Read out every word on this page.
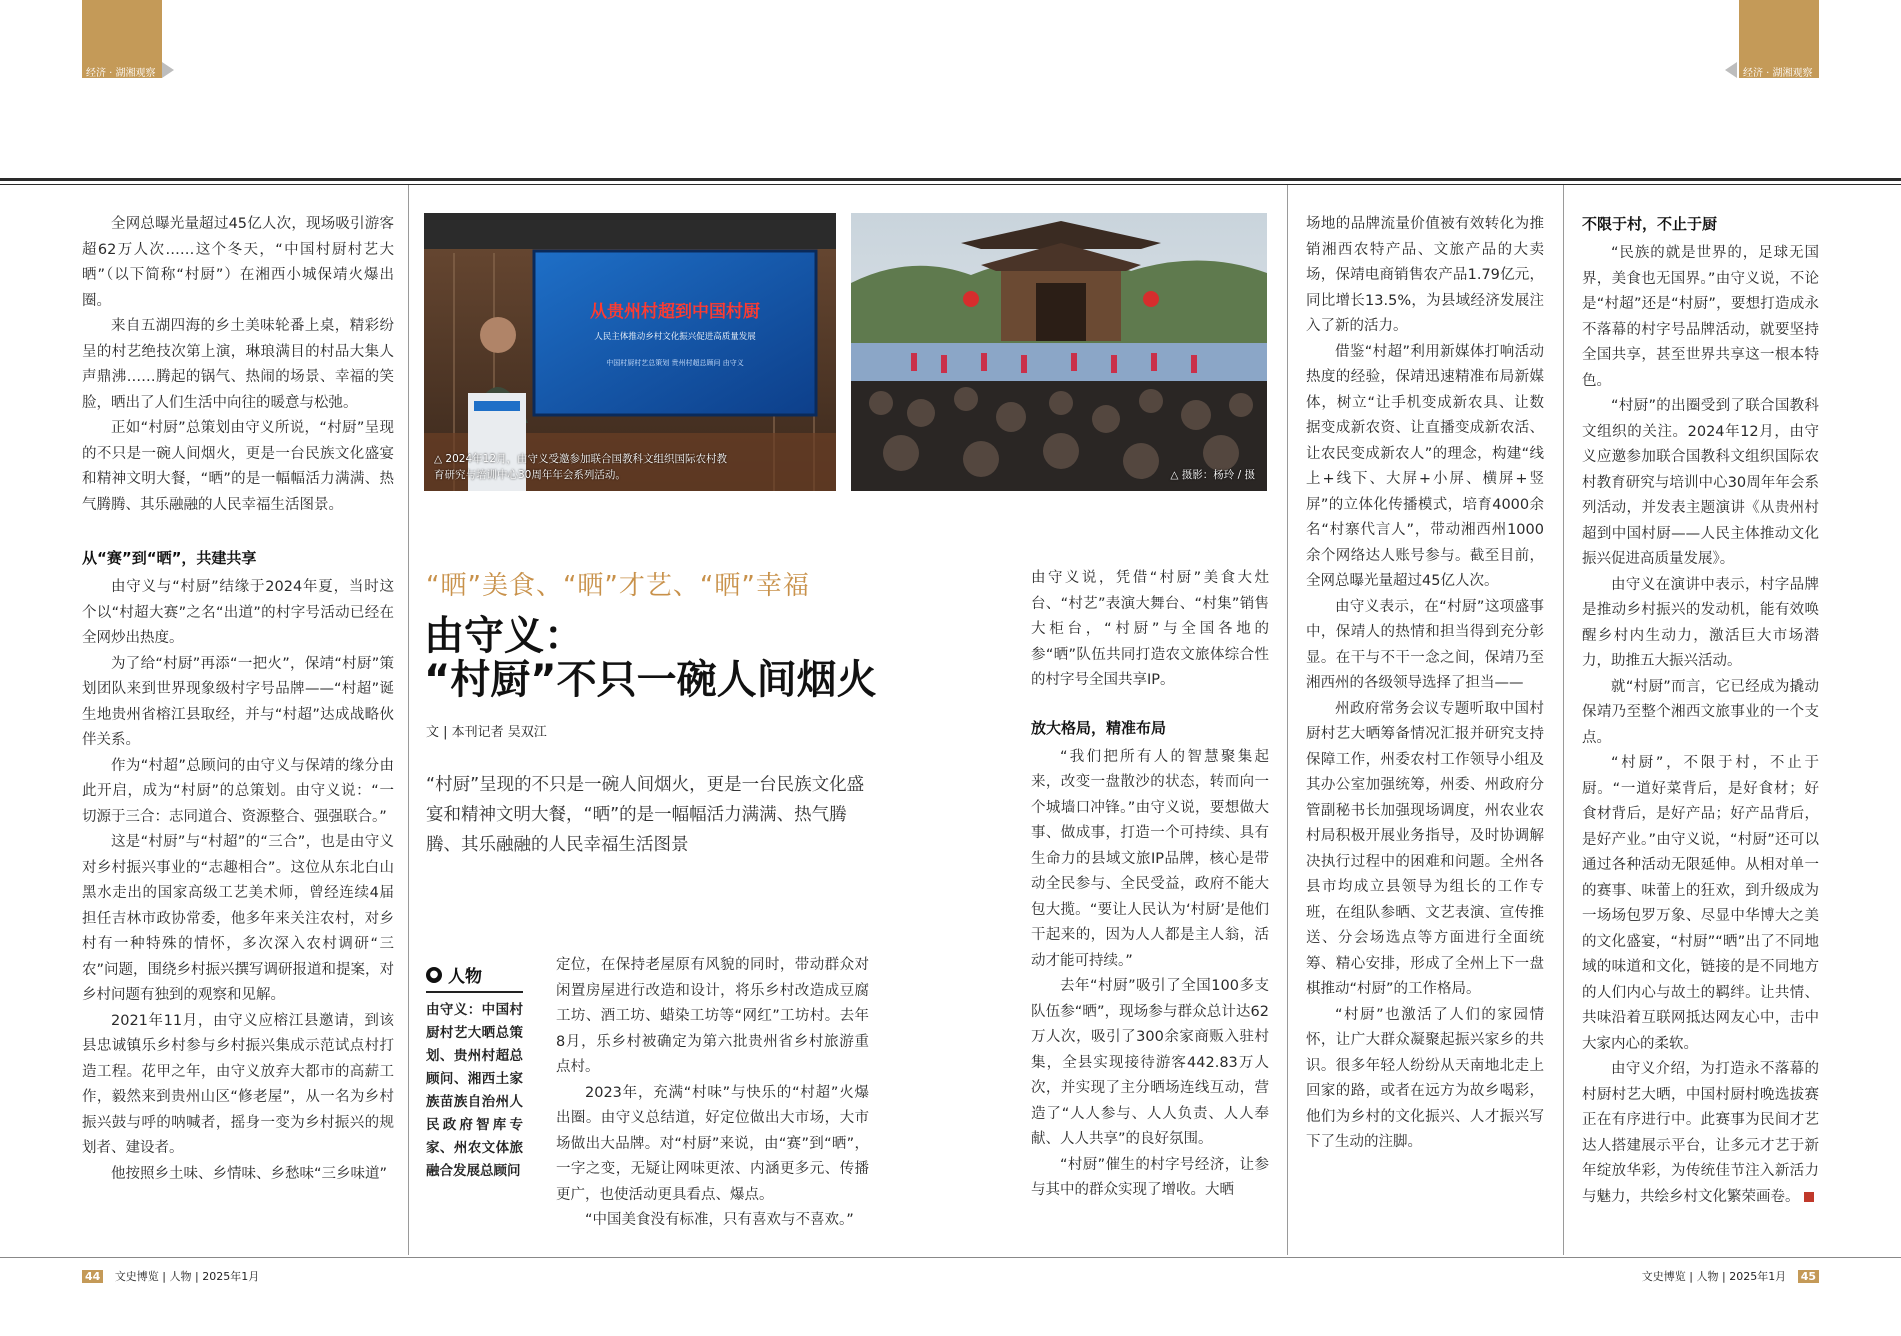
经济 · 湖湘观察	经济 · 湖湘观察

全网总曝光量超过45亿人次，现场吸引游客超62万人次……这个冬天，“中国村厨村艺大晒”（以下简称“村厨”）在湘西小城保靖火爆出圈。

来自五湖四海的乡土美味轮番上桌，精彩纷呈的村艺绝技次第上演，琳琅满目的村品大集人声鼎沸……腾起的锅气、热闹的场景、幸福的笑脸，晒出了人们生活中向往的暖意与松弛。

正如“村厨”总策划由守义所说，“村厨”呈现的不只是一碗人间烟火，更是一台民族文化盛宴和精神文明大餐，“晒”的是一幅幅活力满满、热气腾腾、其乐融融的人民幸福生活图景。

从“赛”到“晒”，共建共享

由守义与“村厨”结缘于2024年夏，当时这个以“村超大赛”之名“出道”的村字号活动已经在全网炒出热度。

为了给“村厨”再添“一把火”，保靖“村厨”策划团队来到世界现象级村字号品牌——“村超”诞生地贵州省榕江县取经，并与“村超”达成战略伙伴关系。

作为“村超”总顾问的由守义与保靖的缘分由此开启，成为“村厨”的总策划。由守义说：“一切源于三合：志同道合、资源整合、强强联合。”

这是“村厨”与“村超”的“三合”，也是由守义对乡村振兴事业的“志趣相合”。这位从东北白山黑水走出的国家高级工艺美术师，曾经连续4届担任吉林市政协常委，他多年来关注农村，对乡村有一种特殊的情怀，多次深入农村调研“三农”问题，围绕乡村振兴撰写调研报道和提案，对乡村问题有独到的观察和见解。

2021年11月，由守义应榕江县邀请，到该县忠诚镇乐乡村参与乡村振兴集成示范试点村打造工程。花甲之年，由守义放弃大都市的高薪工作，毅然来到贵州山区“修老屋”，从一名为乡村振兴鼓与呼的呐喊者，摇身一变为乡村振兴的规划者、建设者。

他按照乡土味、乡情味、乡愁味“三乡味道”

从贵州村超到中国村厨
人民主体推动乡村文化振兴促进高质量发展
中国村厨村艺总策划 贵州村超总顾问 由守义
△ 2024年12月，由守义受邀参加联合国教科文组织国际农村教育研究与培训中心30周年年会系列活动。	△ 摄影：杨玲 / 摄
“晒”美食、“晒”才艺、“晒”幸福
由守义：
“村厨”不只一碗人间烟火
文 | 本刊记者 吴双江
“村厨”呈现的不只是一碗人间烟火，更是一台民族文化盛宴和精神文明大餐，“晒”的是一幅幅活力满满、热气腾腾、其乐融融的人民幸福生活图景
● 人物
由守义：中国村厨村艺大晒总策划、贵州村超总顾问、湘西土家族苗族自治州人民政府智库专家、州农文体旅融合发展总顾问

定位，在保持老屋原有风貌的同时，带动群众对闲置房屋进行改造和设计，将乐乡村改造成豆腐工坊、酒工坊、蜡染工坊等“网红”工坊村。去年8月，乐乡村被确定为第六批贵州省乡村旅游重点村。

2023年，充满“村味”与快乐的“村超”火爆出圈。由守义总结道，好定位做出大市场，大市场做出大品牌。对“村厨”来说，由“赛”到“晒”，一字之变，无疑让网味更浓、内涵更多元、传播更广，也使活动更具看点、爆点。

“中国美食没有标准，只有喜欢与不喜欢。”

由守义说，凭借“村厨”美食大灶台、“村艺”表演大舞台、“村集”销售大柜台，“村厨”与全国各地的参“晒”队伍共同打造农文旅体综合性的村字号全国共享IP。

放大格局，精准布局

“我们把所有人的智慧聚集起来，改变一盘散沙的状态，转而向一个城墙口冲锋。”由守义说，要想做大事、做成事，打造一个可持续、具有生命力的县域文旅IP品牌，核心是带动全民参与、全民受益，政府不能大包大揽。“要让人民认为‘村厨’是他们干起来的，因为人人都是主人翁，活动才能可持续。”

去年“村厨”吸引了全国100多支队伍参“晒”，现场参与群众总计达62万人次，吸引了300余家商贩入驻村集，全县实现接待游客442.83万人次，并实现了主分晒场连线互动，营造了“人人参与、人人负责、人人奉献、人人共享”的良好氛围。

“村厨”催生的村字号经济，让参与其中的群众实现了增收。大晒

场地的品牌流量价值被有效转化为推销湘西农特产品、文旅产品的大卖场，保靖电商销售农产品1.79亿元，同比增长13.5%，为县域经济发展注入了新的活力。

借鉴“村超”利用新媒体打响活动热度的经验，保靖迅速精准布局新媒体，树立“让手机变成新农具、让数据变成新农资、让直播变成新农活、让农民变成新农人”的理念，构建“线上+线下、大屏+小屏、横屏+竖屏”的立体化传播模式，培育4000余名“村寨代言人”，带动湘西州1000余个网络达人账号参与。截至目前，全网总曝光量超过45亿人次。

由守义表示，在“村厨”这项盛事中，保靖人的热情和担当得到充分彰显。在干与不干一念之间，保靖乃至湘西州的各级领导选择了担当——

州政府常务会议专题听取中国村厨村艺大晒筹备情况汇报并研究支持保障工作，州委农村工作领导小组及其办公室加强统筹，州委、州政府分管副秘书长加强现场调度，州农业农村局积极开展业务指导，及时协调解决执行过程中的困难和问题。全州各县市均成立县领导为组长的工作专班，在组队参晒、文艺表演、宣传推送、分会场选点等方面进行全面统筹、精心安排，形成了全州上下一盘棋推动“村厨”的工作格局。

“村厨”也激活了人们的家园情怀，让广大群众凝聚起振兴家乡的共识。很多年轻人纷纷从天南地北走上回家的路，或者在远方为故乡喝彩，他们为乡村的文化振兴、人才振兴写下了生动的注脚。

不限于村，不止于厨

“民族的就是世界的，足球无国界，美食也无国界。”由守义说，不论是“村超”还是“村厨”，要想打造成永不落幕的村字号品牌活动，就要坚持全国共享，甚至世界共享这一根本特色。

“村厨”的出圈受到了联合国教科文组织的关注。2024年12月，由守义应邀参加联合国教科文组织国际农村教育研究与培训中心30周年年会系列活动，并发表主题演讲《从贵州村超到中国村厨——人民主体推动文化振兴促进高质量发展》。

由守义在演讲中表示，村字品牌是推动乡村振兴的发动机，能有效唤醒乡村内生动力，激活巨大市场潜力，助推五大振兴活动。

就“村厨”而言，它已经成为撬动保靖乃至整个湘西文旅事业的一个支点。

“村厨”，不限于村，不止于厨。“一道好菜背后，是好食材；好食材背后，是好产品；好产品背后，是好产业。”由守义说，“村厨”还可以通过各种活动无限延伸。从相对单一的赛事、味蕾上的狂欢，到升级成为一场场包罗万象、尽显中华博大之美的文化盛宴，“村厨”“晒”出了不同地域的味道和文化，链接的是不同地方的人们内心与故土的羁绊。让共情、共味沿着互联网抵达网友心中，击中大家内心的柔软。

由守义介绍，为打造永不落幕的村厨村艺大晒，中国村厨村晚选拔赛正在有序进行中。此赛事为民间才艺达人搭建展示平台，让多元才艺于新年绽放华彩，为传统佳节注入新活力与魅力，共绘乡村文化繁荣画卷。

44 文史博览 | 人物 | 2025年1月	文史博览 | 人物 | 2025年1月 45
